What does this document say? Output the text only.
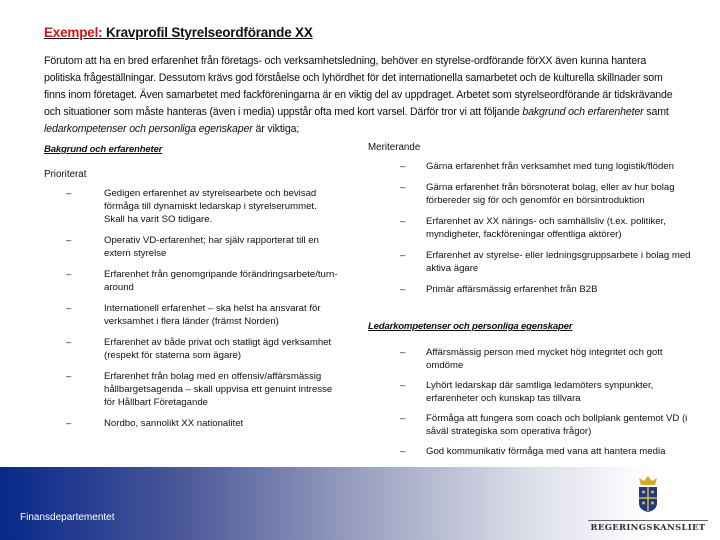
Exempel: Kravprofil Styrelseordförande XX
Förutom att ha en bred erfarenhet från företags- och verksamhetsledning, behöver en styrelse-ordförande förXX även kunna hantera politiska frågeställningar. Dessutom krävs god förståelse och lyhördhet för det internationella samarbetet och de kulturella skillnader som finns inom företaget. Även samarbetet med fackföreningarna är en viktig del av uppdraget. Arbetet som styrelseordförande är tidskrävande och situationer som måste hanteras (även i media) uppstår ofta med kort varsel. Därför tror vi att följande bakgrund och erfarenheter samt ledarkompetenser och personliga egenskaper är viktiga;
Bakgrund och erfarenheter
Prioriterat
–	Gedigen erfarenhet av styrelsearbete och bevisad förmåga till dynamiskt ledarskap i styrelserummet. Skall ha varit SO tidigare.
–	Operativ VD-erfarenhet; har själv rapporterat till en extern styrelse
–	Erfarenhet från genomgripande förändringsarbete/turn-around
–	Internationell erfarenhet – ska helst ha ansvarat för verksamhet i flera länder (främst Norden)
–	Erfarenhet av både privat och statligt ägd verksamhet (respekt för staterna som ägare)
–	Erfarenhet från bolag med en offensiv/affärsmässig hållbargetsagenda – skall uppvisa ett genuint intresse för Hållbart Företagande
–	Nordbo, sannolikt XX nationalitet
Meriterande
– Gärna erfarenhet från verksamhet med tung logistik/flöden
– Gärna erfarenhet från börsnoterat bolag, eller av hur bolag förbereder sig för och genomför en börsintroduktion
– Erfarenhet av XX närings- och samhällsliv (t.ex. politiker, myndigheter, fackföreningar offentliga aktörer)
– Erfarenhet av styrelse- eller ledningsgruppsarbete i bolag med aktiva ägare
– Primär affärsmässig erfarenhet från B2B
Ledarkompetenser och personliga egenskaper
– Affärsmässig person med mycket hög integritet och gott omdöme
– Lyhört ledarskap där samtliga ledamöters synpunkter, erfarenheter och kunskap tas tillvara
– Förmåga att fungera som coach och bollplank gentemot VD (i såväl strategiska som operativa frågor)
– God kommunikativ förmåga med vana att hantera media
Finansdepartementet
REGERINGSKANSLIET
